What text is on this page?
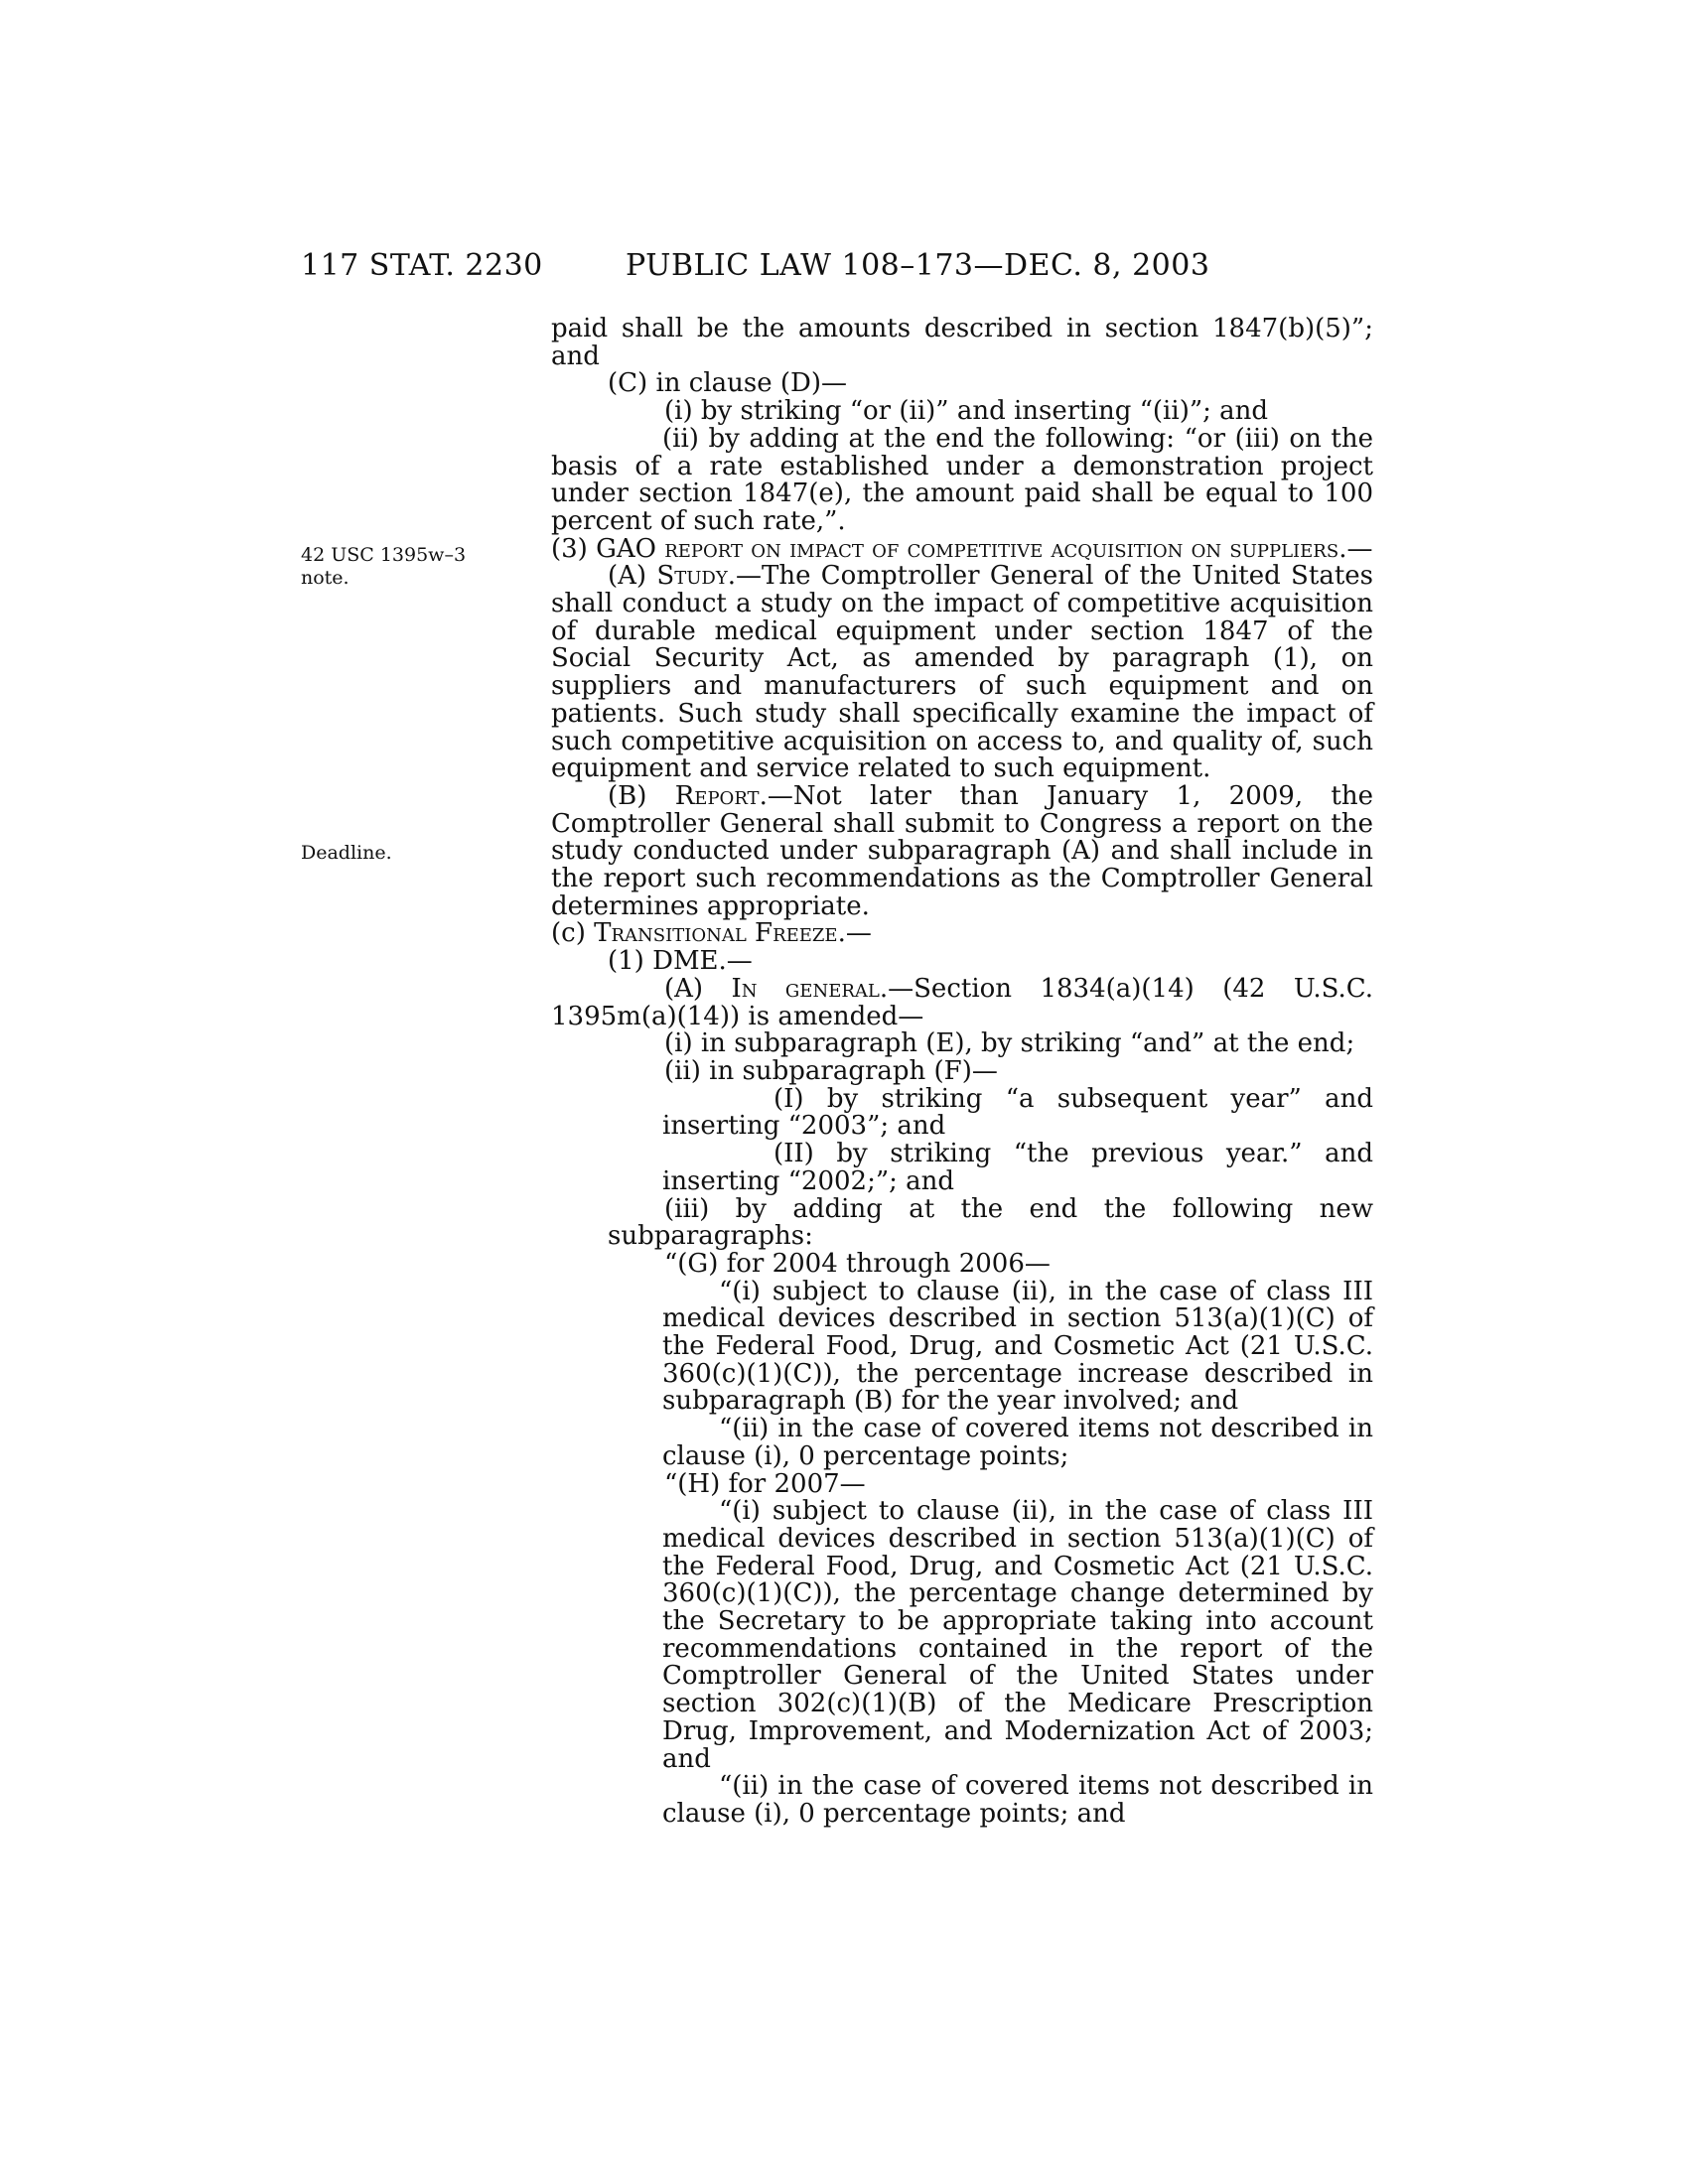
117 STAT. 2230	PUBLIC LAW 108–173—DEC. 8, 2003
42 USC 1395w–3
note.
Deadline.

paid shall be the amounts described in section 1847(b)(5)”; and

(C) in clause (D)—

(i) by striking “or (ii)” and inserting “(ii)”; and

(ii) by adding at the end the following: “or (iii) on the basis of a rate established under a demonstration project under section 1847(e), the amount paid shall be equal to 100 percent of such rate,”.

(3) GAO report on impact of competitive acquisition on suppliers.—

(A) Study.—The Comptroller General of the United States shall conduct a study on the impact of competitive acquisition of durable medical equipment under section 1847 of the Social Security Act, as amended by paragraph (1), on suppliers and manufacturers of such equipment and on patients. Such study shall specifically examine the impact of such competitive acquisition on access to, and quality of, such equipment and service related to such equipment.

(B) Report.—Not later than January 1, 2009, the Comptroller General shall submit to Congress a report on the study conducted under subparagraph (A) and shall include in the report such recommendations as the Comptroller General determines appropriate.

(c) Transitional Freeze.—

(1) DME.—

(A) In general.—Section 1834(a)(14) (42 U.S.C. 1395m(a)(14)) is amended—

(i) in subparagraph (E), by striking “and” at the end;

(ii) in subparagraph (F)—

(I) by striking “a subsequent year” and inserting “2003”; and

(II) by striking “the previous year.” and inserting “2002;”; and

(iii) by adding at the end the following new subparagraphs:

“(G) for 2004 through 2006—

“(i) subject to clause (ii), in the case of class III medical devices described in section 513(a)(1)(C) of the Federal Food, Drug, and Cosmetic Act (21 U.S.C. 360(c)(1)(C)), the percentage increase described in subparagraph (B) for the year involved; and

“(ii) in the case of covered items not described in clause (i), 0 percentage points;

“(H) for 2007—

“(i) subject to clause (ii), in the case of class III medical devices described in section 513(a)(1)(C) of the Federal Food, Drug, and Cosmetic Act (21 U.S.C. 360(c)(1)(C)), the percentage change determined by the Secretary to be appropriate taking into account recommendations contained in the report of the Comptroller General of the United States under section 302(c)(1)(B) of the Medicare Prescription Drug, Improvement, and Modernization Act of 2003; and

“(ii) in the case of covered items not described in clause (i), 0 percentage points; and
